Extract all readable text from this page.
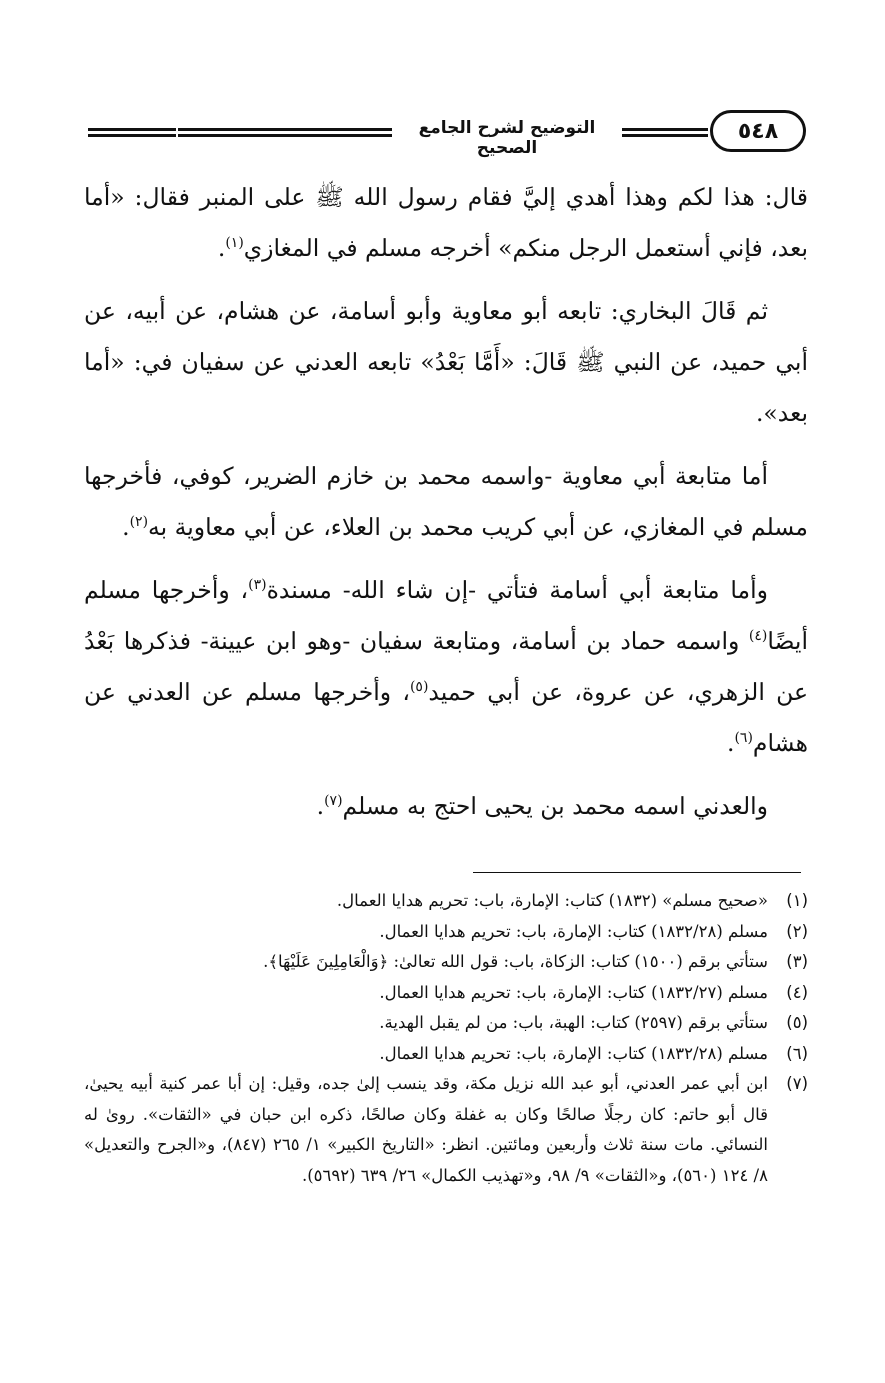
٥٤٨
التوضيح لشرح الجامع الصحيح

قال: هذا لكم وهذا أهدي إليَّ فقام رسول الله ﷺ على المنبر فقال: «أما بعد، فإني أستعمل الرجل منكم» أخرجه مسلم في المغازي$^{(١)}$.

ثم قَالَ البخاري: تابعه أبو معاوية وأبو أسامة، عن هشام، عن أبيه، عن أبي حميد، عن النبي ﷺ قَالَ: «أَمَّا بَعْدُ» تابعه العدني عن سفيان في: «أما بعد».

أما متابعة أبي معاوية -واسمه محمد بن خازم الضرير، كوفي، فأخرجها مسلم في المغازي، عن أبي كريب محمد بن العلاء، عن أبي معاوية به$^{(٢)}$.

وأما متابعة أبي أسامة فتأتي -إن شاء الله- مسندة$^{(٣)}$، وأخرجها مسلم أيضًا$^{(٤)}$ واسمه حماد بن أسامة، ومتابعة سفيان -وهو ابن عيينة- فذكرها بَعْدُ عن الزهري، عن عروة، عن أبي حميد$^{(٥)}$، وأخرجها مسلم عن العدني عن هشام$^{(٦)}$.

والعدني اسمه محمد بن يحيى احتج به مسلم$^{(٧)}$.

(١)
«صحيح مسلم» (١٨٣٢) كتاب: الإمارة، باب: تحريم هدايا العمال.
(٢)
مسلم (١٨٣٢/٢٨) كتاب: الإمارة، باب: تحريم هدايا العمال.
(٣)
ستأتي برقم (١٥٠٠) كتاب: الزكاة، باب: قول الله تعالىٰ: ﴿وَالْعَامِلِينَ عَلَيْهَا﴾.
(٤)
مسلم (١٨٣٢/٢٧) كتاب: الإمارة، باب: تحريم هدايا العمال.
(٥)
ستأتي برقم (٢٥٩٧) كتاب: الهبة، باب: من لم يقبل الهدية.
(٦)
مسلم (١٨٣٢/٢٨) كتاب: الإمارة، باب: تحريم هدايا العمال.
(٧)
ابن أبي عمر العدني، أبو عبد الله نزيل مكة، وقد ينسب إلىٰ جده، وقيل: إن أبا عمر كنية أبيه يحيىٰ، قال أبو حاتم: كان رجلًا صالحًا وكان به غفلة وكان صالحًا، ذكره ابن حبان في «الثقات». روىٰ له النسائي. مات سنة ثلاث وأربعين ومائتين. انظر: «التاريخ الكبير» ١/ ٢٦٥ (٨٤٧)، و«الجرح والتعديل» ٨/ ١٢٤ (٥٦٠)، و«الثقات» ٩/ ٩٨، و«تهذيب الكمال» ٢٦/ ٦٣٩ (٥٦٩٢).
